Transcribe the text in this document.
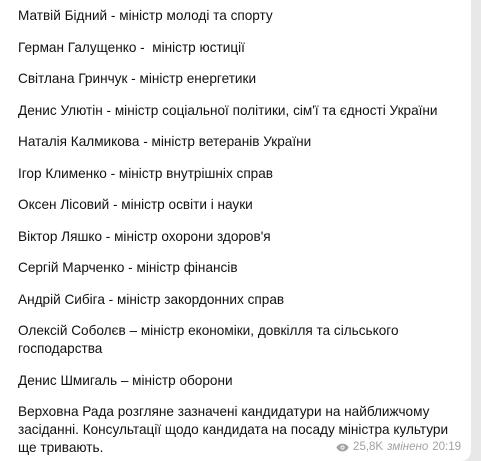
Матвій Бідний - міністр молоді та спорту
Герман Галущенко -  міністр юстиції
Світлана Гринчук - міністр енергетики
Денис Улютін - міністр соціальної політики, сім'ї та єдності України
Наталія Калмикова - міністр ветеранів України
Ігор Клименко - міністр внутрішніх справ
Оксен Лісовий - міністр освіти і науки
Віктор Ляшко - міністр охорони здоров'я
Сергій Марченко - міністр фінансів
Андрій Сибіга - міністр закордонних справ
Олексій Соболєв – міністр економіки, довкілля та сільського господарства
Денис Шмигаль – міністр оборони

Верховна Рада розгляне зазначені кандидатури на найближчому засіданні. Консультації щодо кандидата на посаду міністра культури ще тривають.	25,8K змінено 20:19
